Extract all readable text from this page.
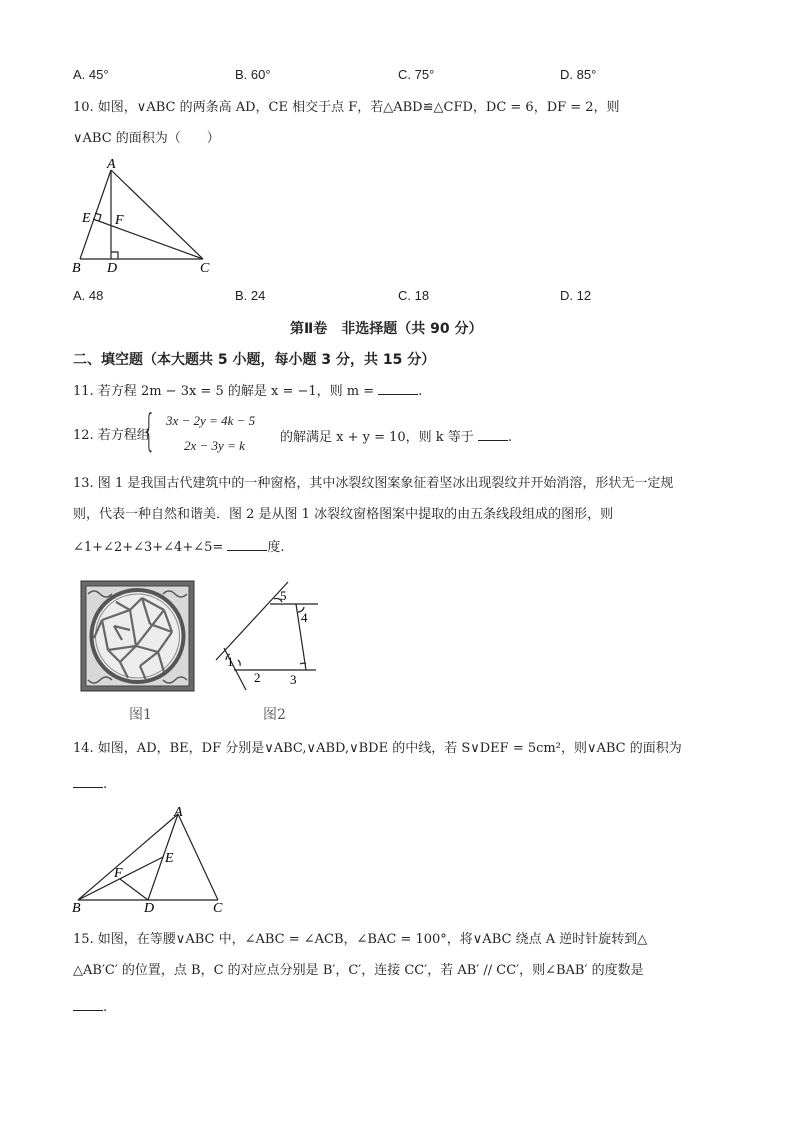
A. 45°	B. 60°	C. 75°	D. 85°
10. 如图，∨ABC 的两条高 AD，CE 相交于点 F，若△ABD≌△CFD，DC = 6，DF = 2，则
∨ABC 的面积为（　　）
A
B D	C
E F
A. 48	B. 24	C. 18	D. 12
第Ⅱ卷　非选择题（共 90 分）
二、填空题（本大题共 5 小题，每小题 3 分，共 15 分）
11. 若方程 2m − 3x = 5 的解是 x = −1，则 m =	.
12. 若方程组
{ 3x − 2y = 4k − 5
2x − 3y = k
的解满足 x + y = 10，则 k 等于	.
13. 图 1 是我国古代建筑中的一种窗格，其中冰裂纹图案象征着坚冰出现裂纹并开始消溶，形状无一定规
则，代表一种自然和谐美．图 2 是从图 1 冰裂纹窗格图案中提取的由五条线段组成的图形，则
∠1+∠2+∠3+∠4+∠5=	度.
图1
5
4
1
2 3
图2
14. 如图，AD，BE，DF 分别是∨ABC,∨ABD,∨BDE 的中线，若 S∨DEF = 5cm²，则∨ABC 的面积为
.
A
B	D	C
E
F
15. 如图，在等腰∨ABC 中，∠ABC = ∠ACB，∠BAC = 100°，将∨ABC 绕点 A 逆时针旋转到△
△AB′C′ 的位置，点 B，C 的对应点分别是 B′，C′，连接 CC′，若 AB′ // CC′，则∠BAB′ 的度数是
.
